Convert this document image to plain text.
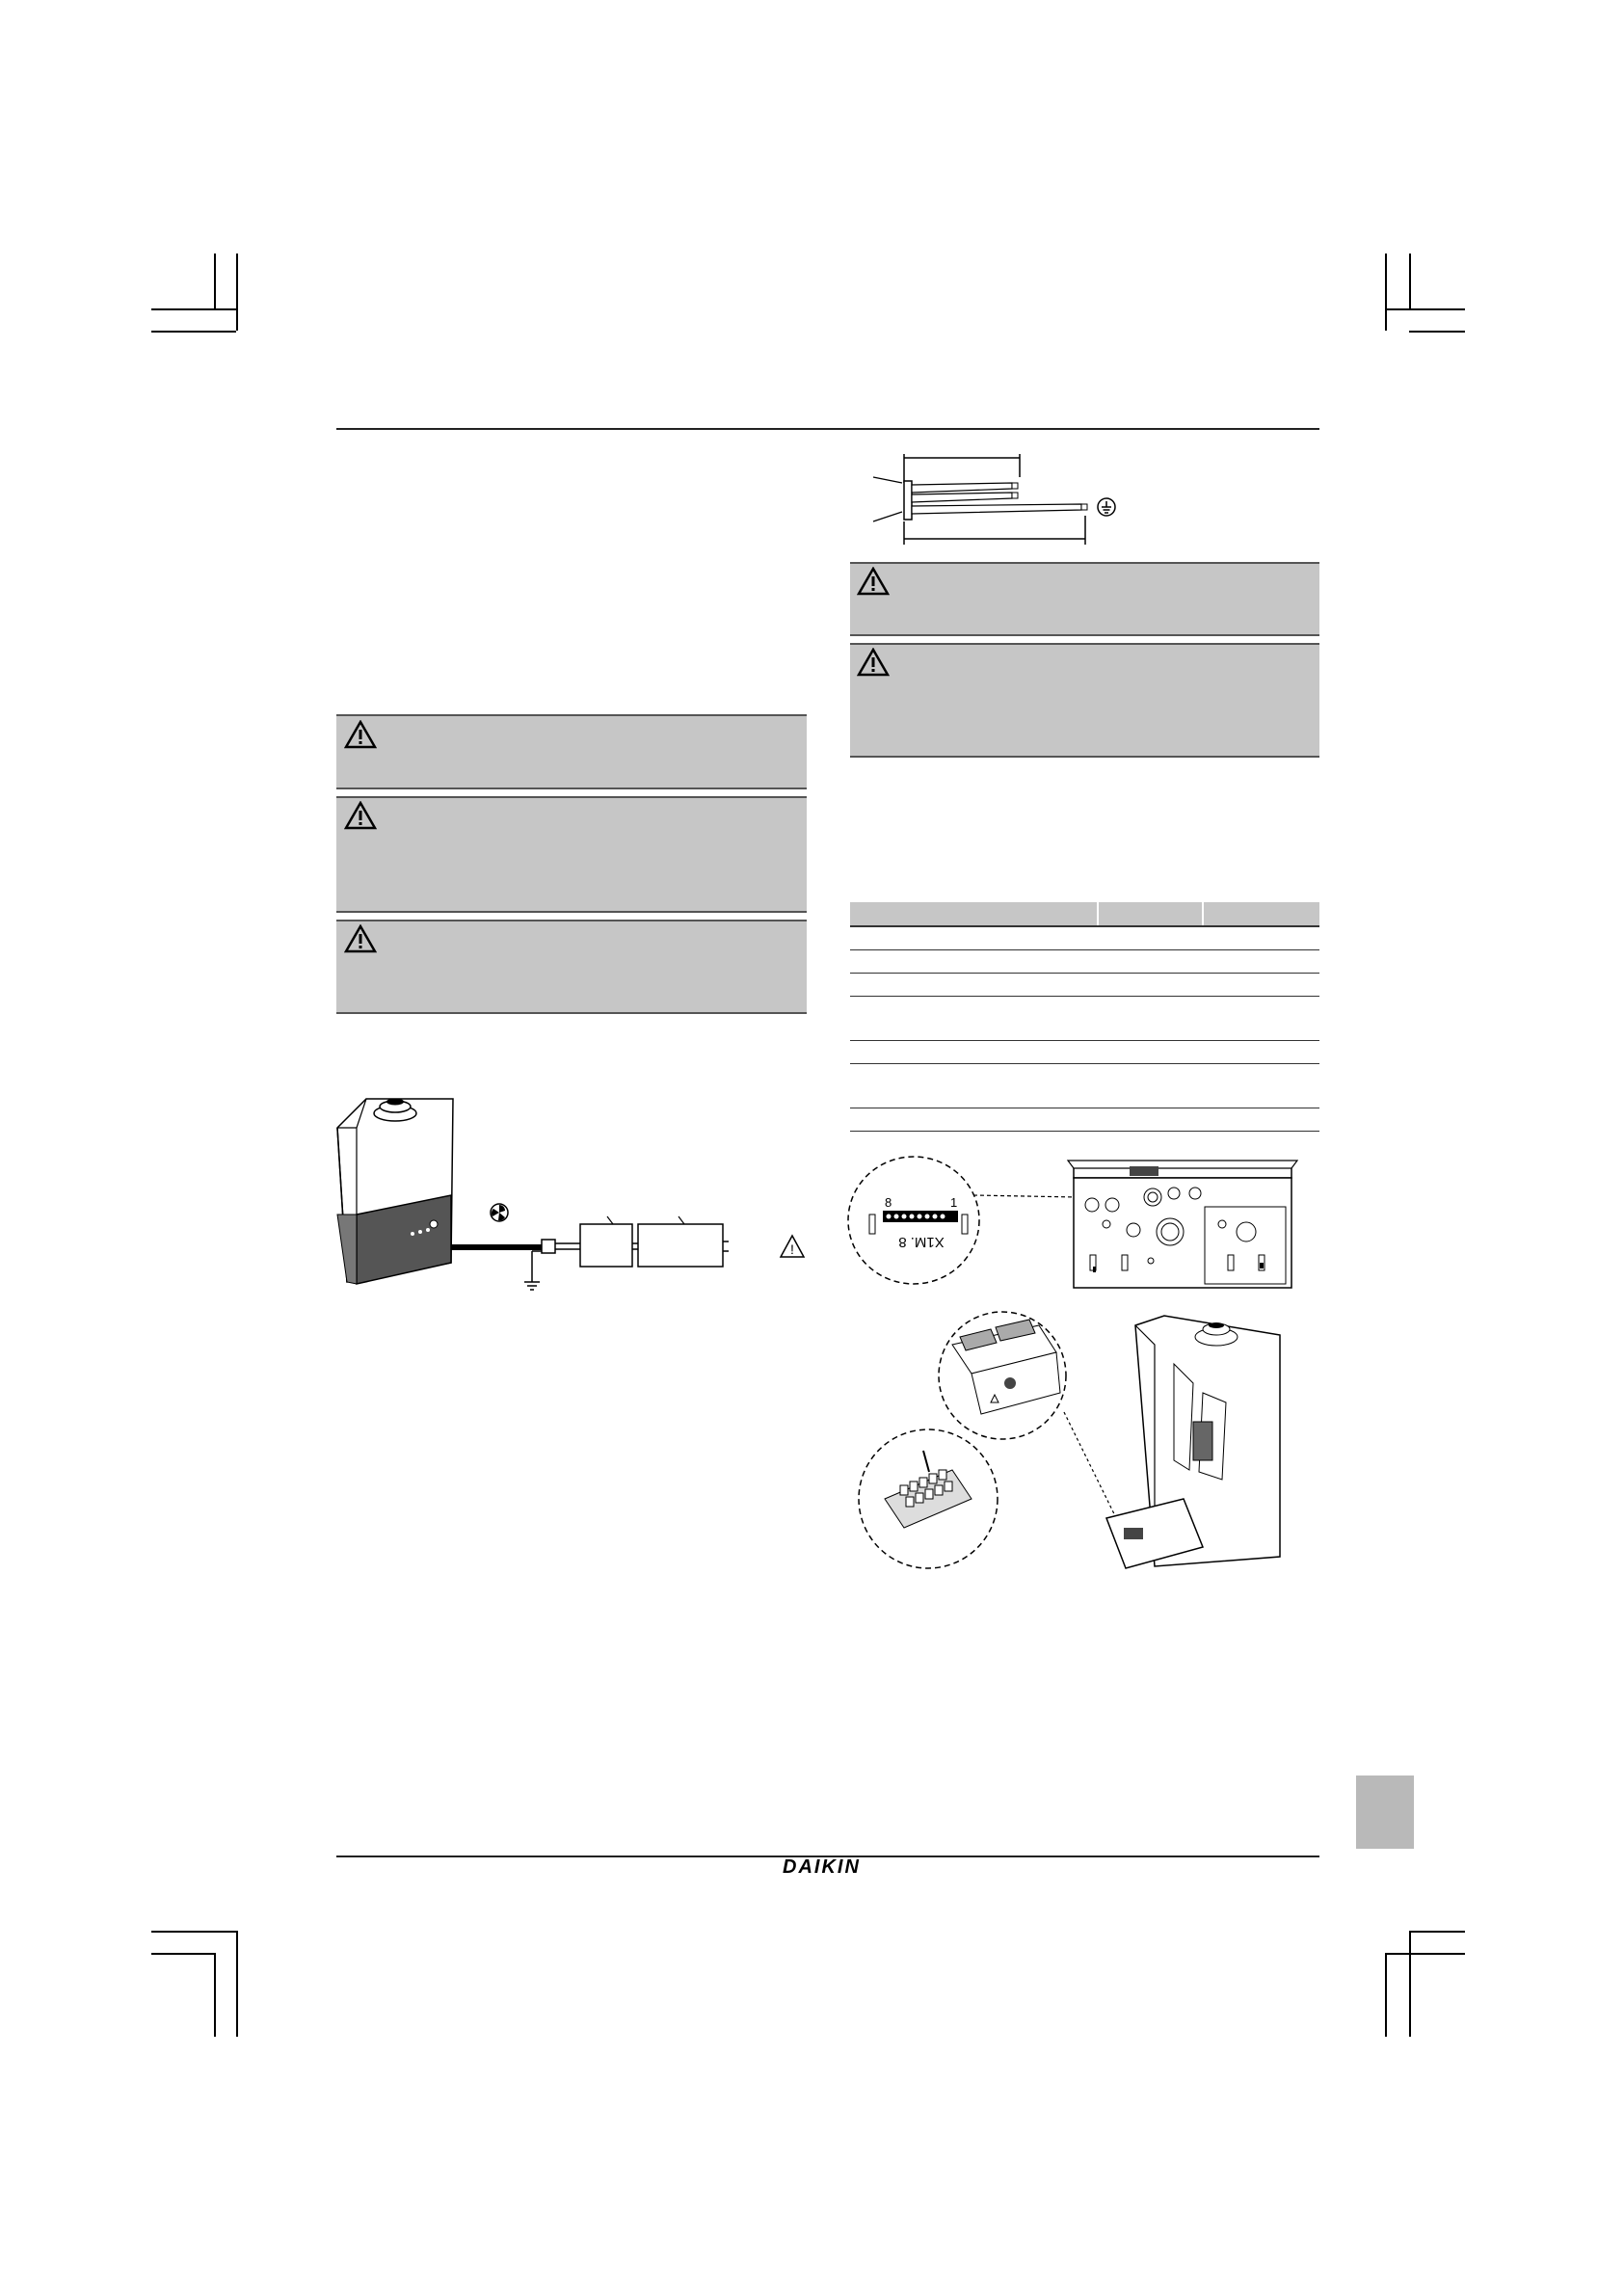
!
8	1
X1M. 8
DAIKIN
